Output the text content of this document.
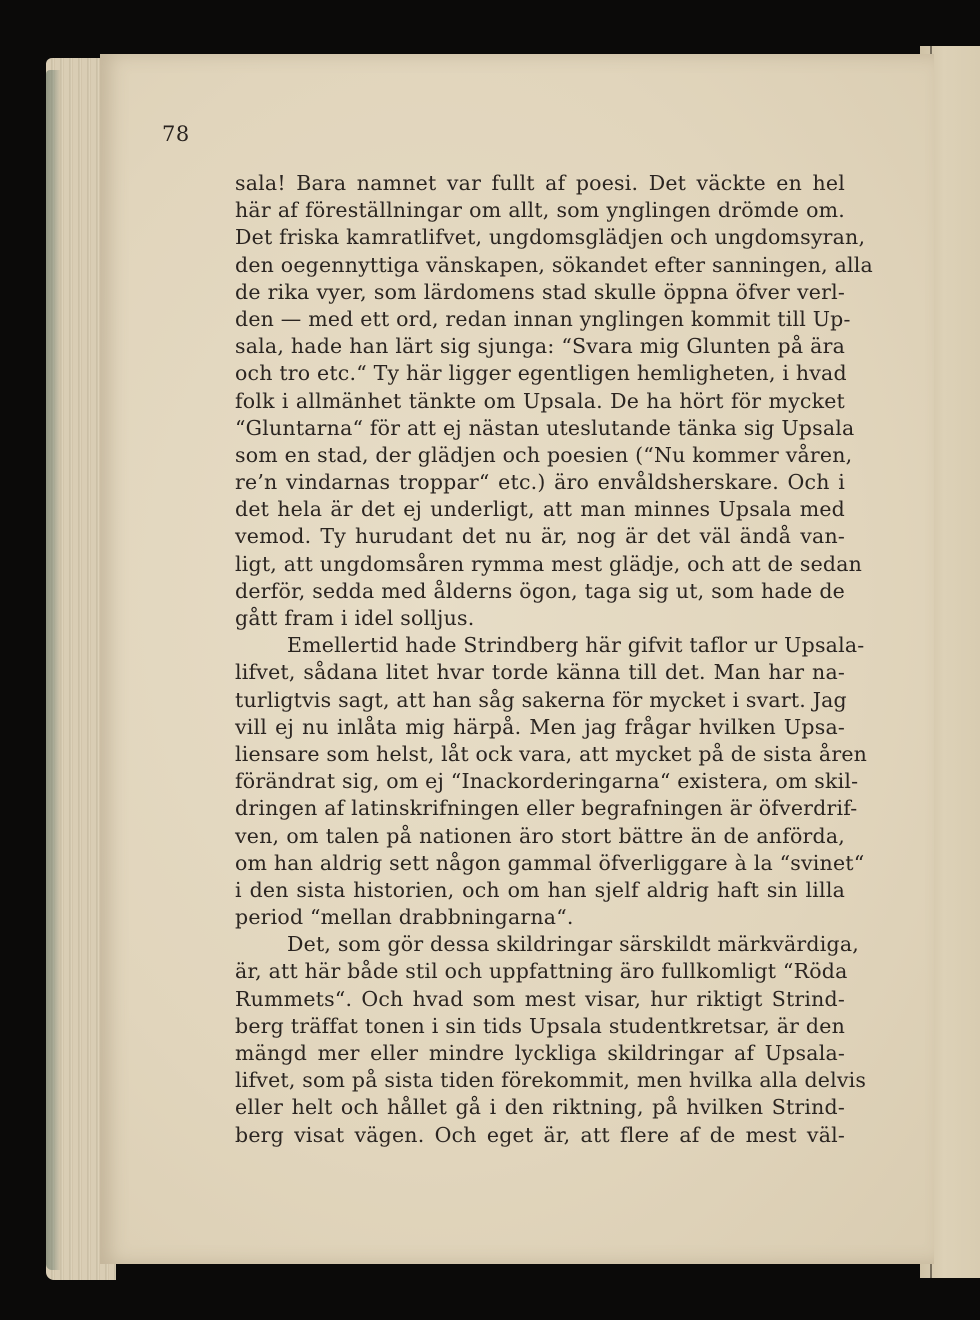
78
sala! Bara namnet var fullt af poesi. Det väckte en hel
här af föreställningar om allt, som ynglingen drömde om.
Det friska kamratlifvet, ungdomsglädjen och ungdomsyran,
den oegennyttiga vänskapen, sökandet efter sanningen, alla
de rika vyer, som lärdomens stad skulle öppna öfver verl-
den — med ett ord, redan innan ynglingen kommit till Up-
sala, hade han lärt sig sjunga: “Svara mig Glunten på ära
och tro etc.“ Ty här ligger egentligen hemligheten, i hvad
folk i allmänhet tänkte om Upsala. De ha hört för mycket
“Gluntarna“ för att ej nästan uteslutande tänka sig Upsala
som en stad, der glädjen och poesien (“Nu kommer våren,
re’n vindarnas troppar“ etc.) äro envåldsherskare. Och i
det hela är det ej underligt, att man minnes Upsala med
vemod. Ty hurudant det nu är, nog är det väl ändå van-
ligt, att ungdomsåren rymma mest glädje, och att de sedan
derför, sedda med ålderns ögon, taga sig ut, som hade de
gått fram i idel solljus.
Emellertid hade Strindberg här gifvit taflor ur Upsala-
lifvet, sådana litet hvar torde känna till det. Man har na-
turligtvis sagt, att han såg sakerna för mycket i svart. Jag
vill ej nu inlåta mig härpå. Men jag frågar hvilken Upsa-
liensare som helst, låt ock vara, att mycket på de sista åren
förändrat sig, om ej “Inackorderingarna“ existera, om skil-
dringen af latinskrifningen eller begrafningen är öfverdrif-
ven, om talen på nationen äro stort bättre än de anförda,
om han aldrig sett någon gammal öfverliggare à la “svinet“
i den sista historien, och om han sjelf aldrig haft sin lilla
period “mellan drabbningarna“.
Det, som gör dessa skildringar särskildt märkvärdiga,
är, att här både stil och uppfattning äro fullkomligt “Röda
Rummets“. Och hvad som mest visar, hur riktigt Strind-
berg träffat tonen i sin tids Upsala studentkretsar, är den
mängd mer eller mindre lyckliga skildringar af Upsala-
lifvet, som på sista tiden förekommit, men hvilka alla delvis
eller helt och hållet gå i den riktning, på hvilken Strind-
berg visat vägen. Och eget är, att flere af de mest väl-
